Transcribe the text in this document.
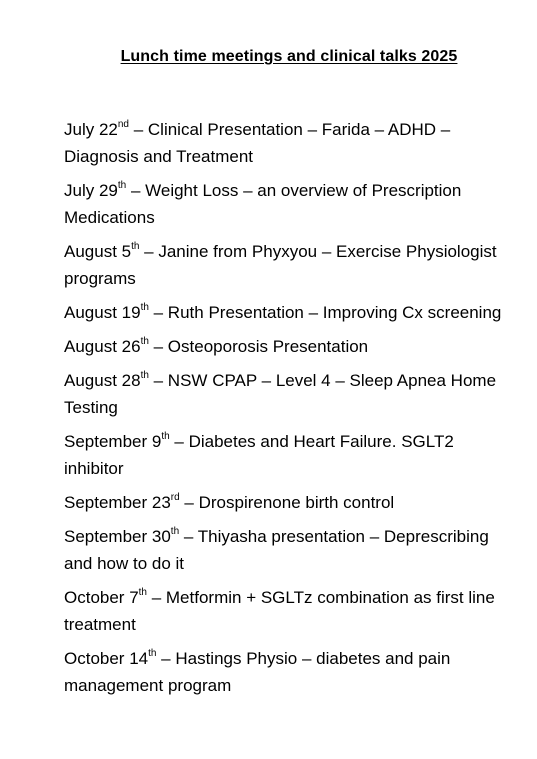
Lunch time meetings and clinical talks 2025
July 22nd – Clinical Presentation – Farida – ADHD – Diagnosis and Treatment
July 29th – Weight Loss – an overview of Prescription Medications
August 5th – Janine from Phyxyou – Exercise Physiologist programs
August 19th – Ruth Presentation – Improving Cx screening
August 26th – Osteoporosis Presentation
August 28th – NSW CPAP – Level 4 – Sleep Apnea Home Testing
September 9th – Diabetes and Heart Failure. SGLT2 inhibitor
September 23rd – Drospirenone birth control
September 30th – Thiyasha presentation – Deprescribing and how to do it
October 7th – Metformin + SGLTz combination as first line treatment
October 14th – Hastings Physio – diabetes and pain management program
